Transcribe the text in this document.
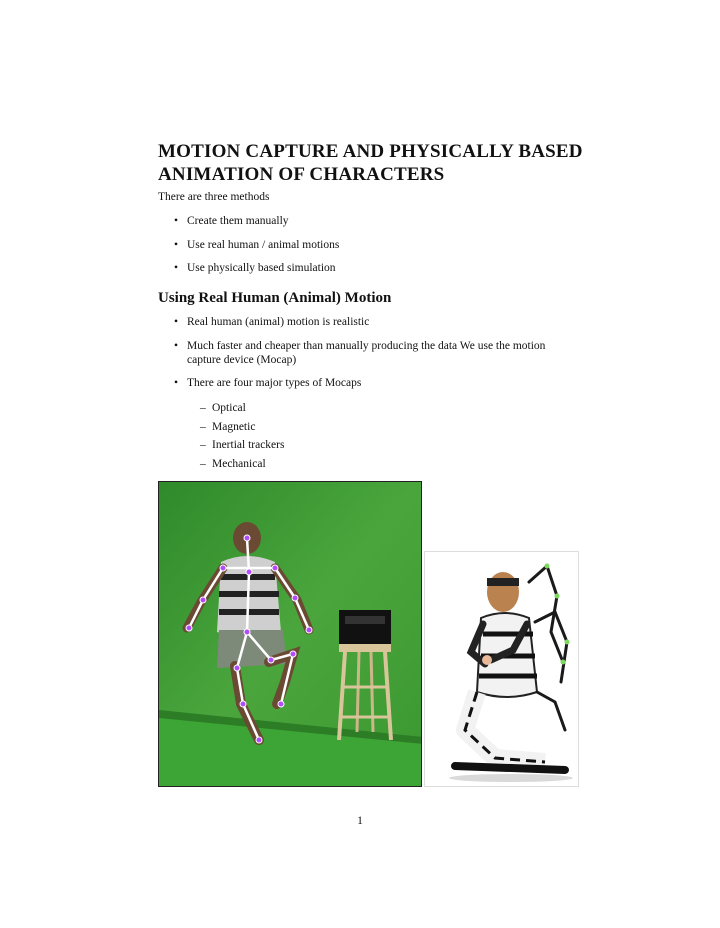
MOTION CAPTURE AND PHYSICALLY BASED
ANIMATION OF CHARACTERS

There are three methods

• Create them manually
• Use real human / animal motions
• Use physically based simulation
Using Real Human (Animal) Motion
• Real human (animal) motion is realistic
• Much faster and cheaper than manually producing the data We use the motion capture device (Mocap)
• There are four major types of Mocaps
– Optical
– Magnetic
– Inertial trackers
– Mechanical
1
